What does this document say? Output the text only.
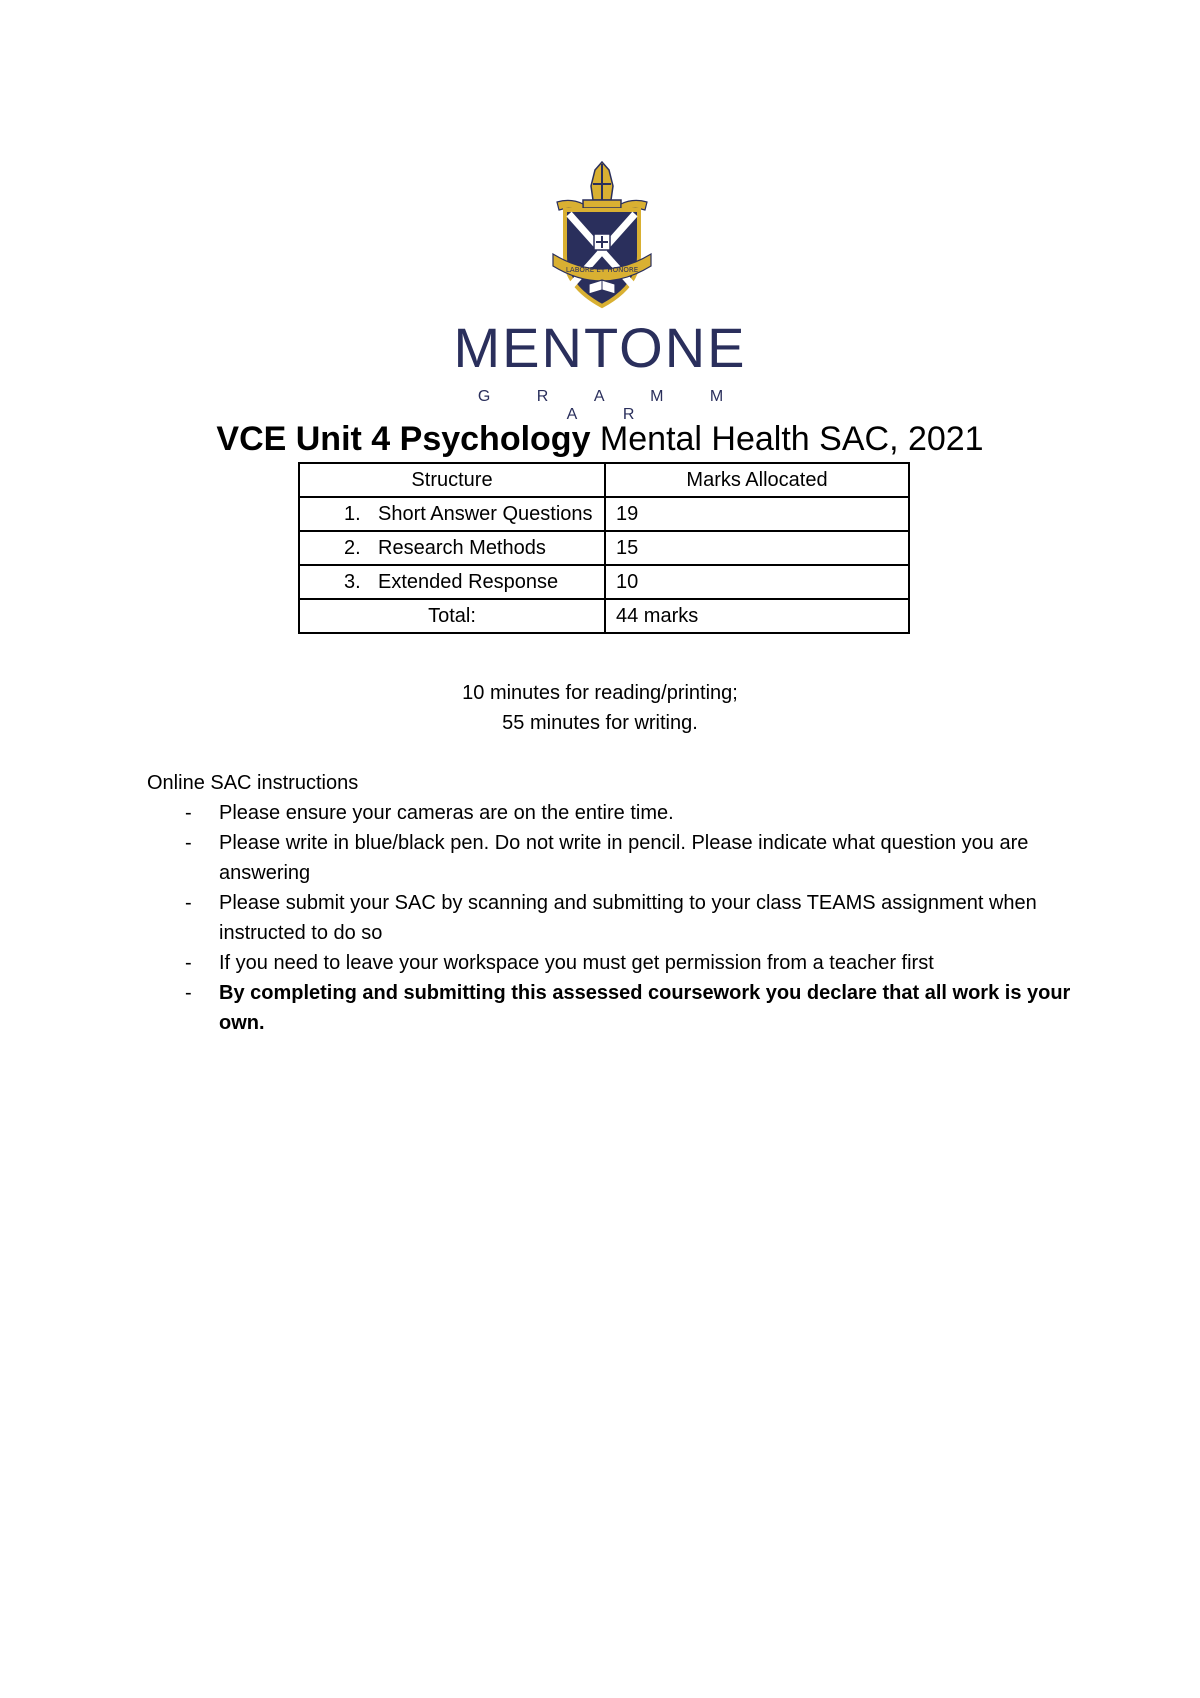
LABORE ET HONORE
MENTONE
G R A M M A R
VCE Unit 4 Psychology Mental Health SAC, 2021
Structure	Marks Allocated

1. Short Answer Questions	19

2. Research Methods	15

3. Extended Response	10
Total:	44 marks
10 minutes for reading/printing;
55 minutes for writing.
Online SAC instructions
-	Please ensure your cameras are on the entire time.
-	Please write in blue/black pen. Do not write in pencil. Please indicate what question you are answering
-	Please submit your SAC by scanning and submitting to your class TEAMS assignment when instructed to do so
-	If you need to leave your workspace you must get permission from a teacher first
-	By completing and submitting this assessed coursework you declare that all work is your own.
